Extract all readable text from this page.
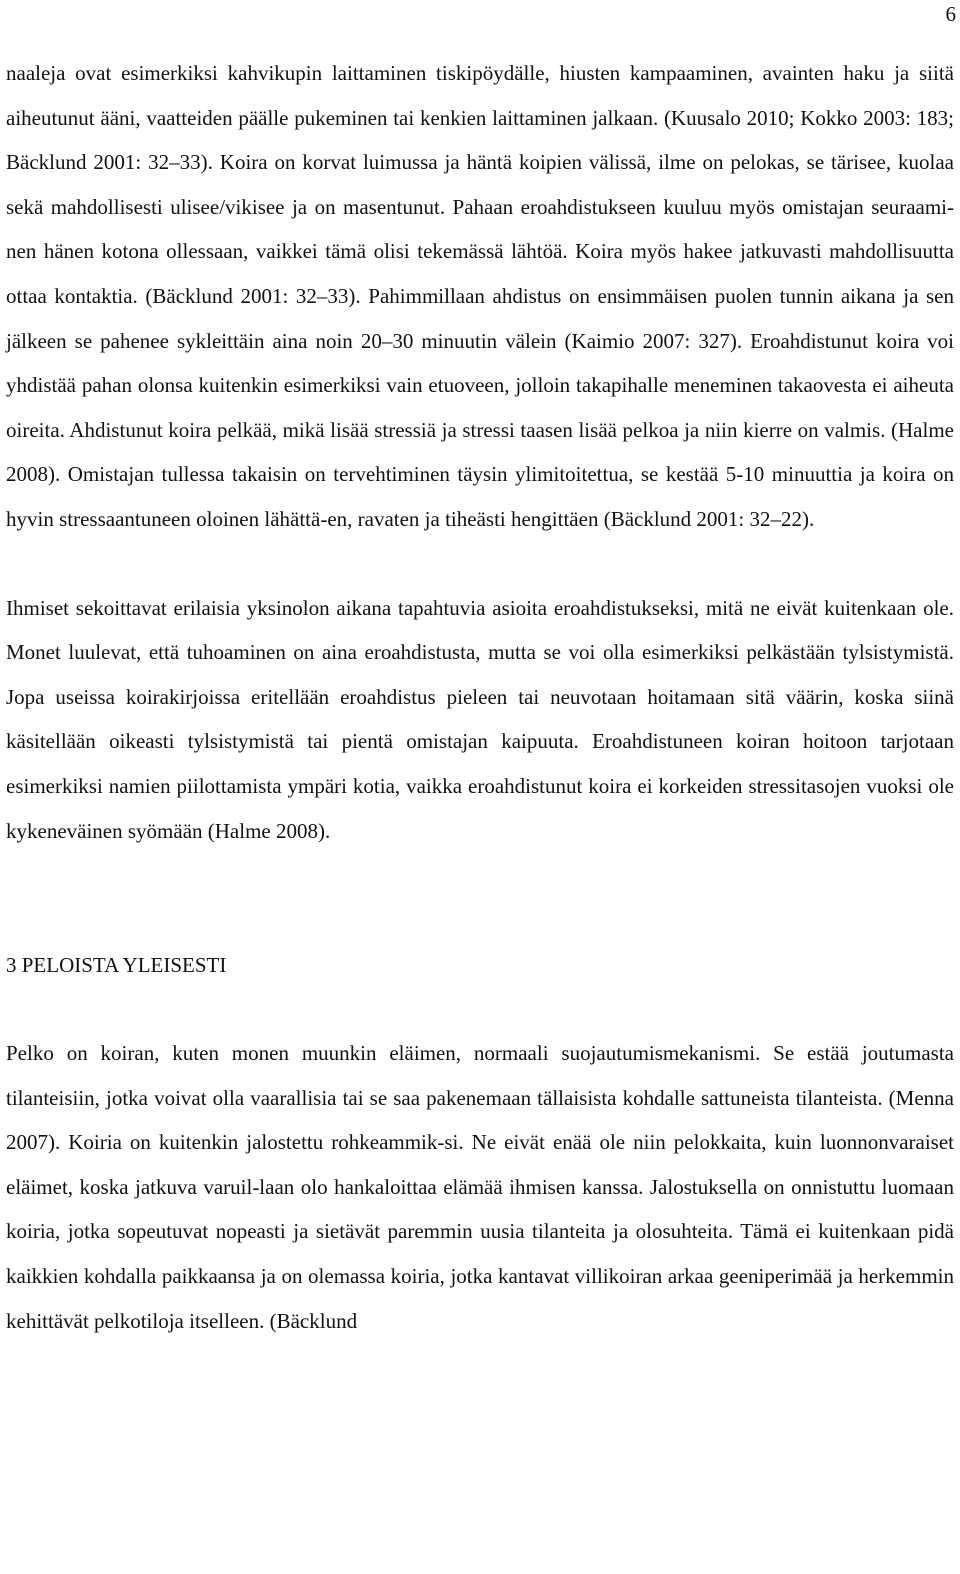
6

naaleja ovat esimerkiksi kahvikupin laittaminen tiskipöydälle, hiusten kampaaminen, avainten haku ja siitä aiheutunut ääni, vaatteiden päälle pukeminen tai kenkien laittaminen jalkaan. (Kuusalo 2010; Kokko 2003: 183; Bäcklund 2001: 32–33). Koira on korvat luimussa ja häntä koipien välissä, ilme on pelokas, se tärisee, kuolaa sekä mahdollisesti ulisee/vikisee ja on masentunut. Pahaan eroahdistukseen kuuluu myös omistajan seuraami-nen hänen kotona ollessaan, vaikkei tämä olisi tekemässä lähtöä. Koira myös hakee jatkuvasti mahdollisuutta ottaa kontaktia. (Bäcklund 2001: 32–33). Pahimmillaan ahdistus on ensimmäisen puolen tunnin aikana ja sen jälkeen se pahenee sykleittäin aina noin 20–30 minuutin välein (Kaimio 2007: 327). Eroahdistunut koira voi yhdistää pahan olonsa kuitenkin esimerkiksi vain etuoveen, jolloin takapihalle meneminen takaovesta ei aiheuta oireita. Ahdistunut koira pelkää, mikä lisää stressiä ja stressi taasen lisää pelkoa ja niin kierre on valmis. (Halme 2008). Omistajan tullessa takaisin on tervehtiminen täysin ylimitoitettua, se kestää 5-10 minuuttia ja koira on hyvin stressaantuneen oloinen lähättä-en, ravaten ja tiheästi hengittäen (Bäcklund 2001: 32–22).

Ihmiset sekoittavat erilaisia yksinolon aikana tapahtuvia asioita eroahdistukseksi, mitä ne eivät kuitenkaan ole. Monet luulevat, että tuhoaminen on aina eroahdistusta, mutta se voi olla esimerkiksi pelkästään tylsistymistä. Jopa useissa koirakirjoissa eritellään eroahdistus pieleen tai neuvotaan hoitamaan sitä väärin, koska siinä käsitellään oikeasti tylsistymistä tai pientä omistajan kaipuuta. Eroahdistuneen koiran hoitoon tarjotaan esimerkiksi namien piilottamista ympäri kotia, vaikka eroahdistunut koira ei korkeiden stressitasojen vuoksi ole kykeneväinen syömään (Halme 2008).

3 PELOISTA YLEISESTI

Pelko on koiran, kuten monen muunkin eläimen, normaali suojautumismekanismi. Se estää joutumasta tilanteisiin, jotka voivat olla vaarallisia tai se saa pakenemaan tällaisista kohdalle sattuneista tilanteista. (Menna 2007). Koiria on kuitenkin jalostettu rohkeammik-si. Ne eivät enää ole niin pelokkaita, kuin luonnonvaraiset eläimet, koska jatkuva varuil-laan olo hankaloittaa elämää ihmisen kanssa. Jalostuksella on onnistuttu luomaan koiria, jotka sopeutuvat nopeasti ja sietävät paremmin uusia tilanteita ja olosuhteita. Tämä ei kuitenkaan pidä kaikkien kohdalla paikkaansa ja on olemassa koiria, jotka kantavat villikoiran arkaa geeniperimää ja herkemmin kehittävät pelkotiloja itselleen. (Bäcklund
